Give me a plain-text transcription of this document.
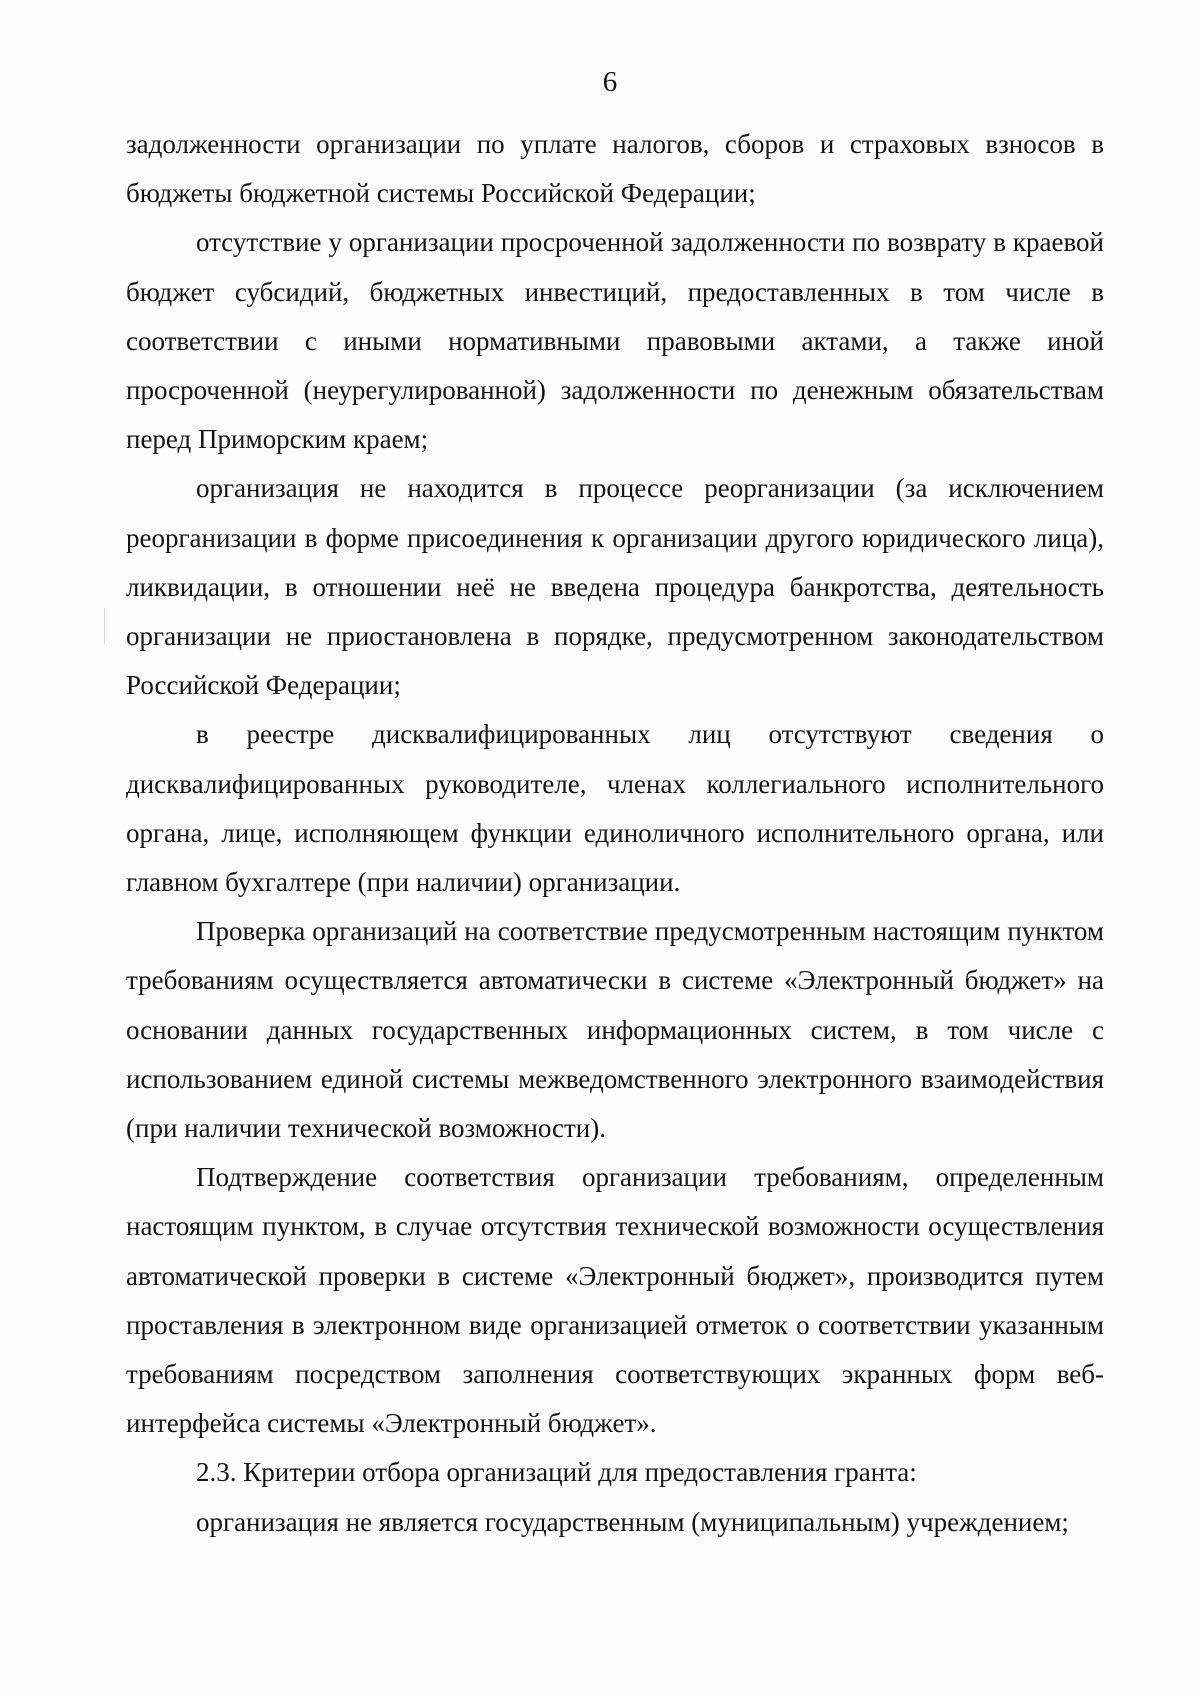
6

задолженности организации по уплате налогов, сборов и страховых взносов в бюджеты бюджетной системы Российской Федерации;

отсутствие у организации просроченной задолженности по возврату в краевой бюджет субсидий, бюджетных инвестиций, предоставленных в том числе в соответствии с иными нормативными правовыми актами, а также иной просроченной (неурегулированной) задолженности по денежным обязательствам перед Приморским краем;

организация не находится в процессе реорганизации (за исключением реорганизации в форме присоединения к организации другого юридического лица), ликвидации, в отношении неё не введена процедура банкротства, деятельность организации не приостановлена в порядке, предусмотренном законодательством Российской Федерации;

в реестре дисквалифицированных лиц отсутствуют сведения о дисквалифицированных руководителе, членах коллегиального исполнительного органа, лице, исполняющем функции единоличного исполнительного органа, или главном бухгалтере (при наличии) организации.

Проверка организаций на соответствие предусмотренным настоящим пунктом требованиям осуществляется автоматически в системе «Электронный бюджет» на основании данных государственных информационных систем, в том числе с использованием единой системы межведомственного электронного взаимодействия (при наличии технической возможности).

Подтверждение соответствия организации требованиям, определенным настоящим пунктом, в случае отсутствия технической возможности осуществления автоматической проверки в системе «Электронный бюджет», производится путем проставления в электронном виде организацией отметок о соответствии указанным требованиям посредством заполнения соответствующих экранных форм веб-интерфейса системы «Электронный бюджет».

2.3. Критерии отбора организаций для предоставления гранта:

организация не является государственным (муниципальным) учреждением;
